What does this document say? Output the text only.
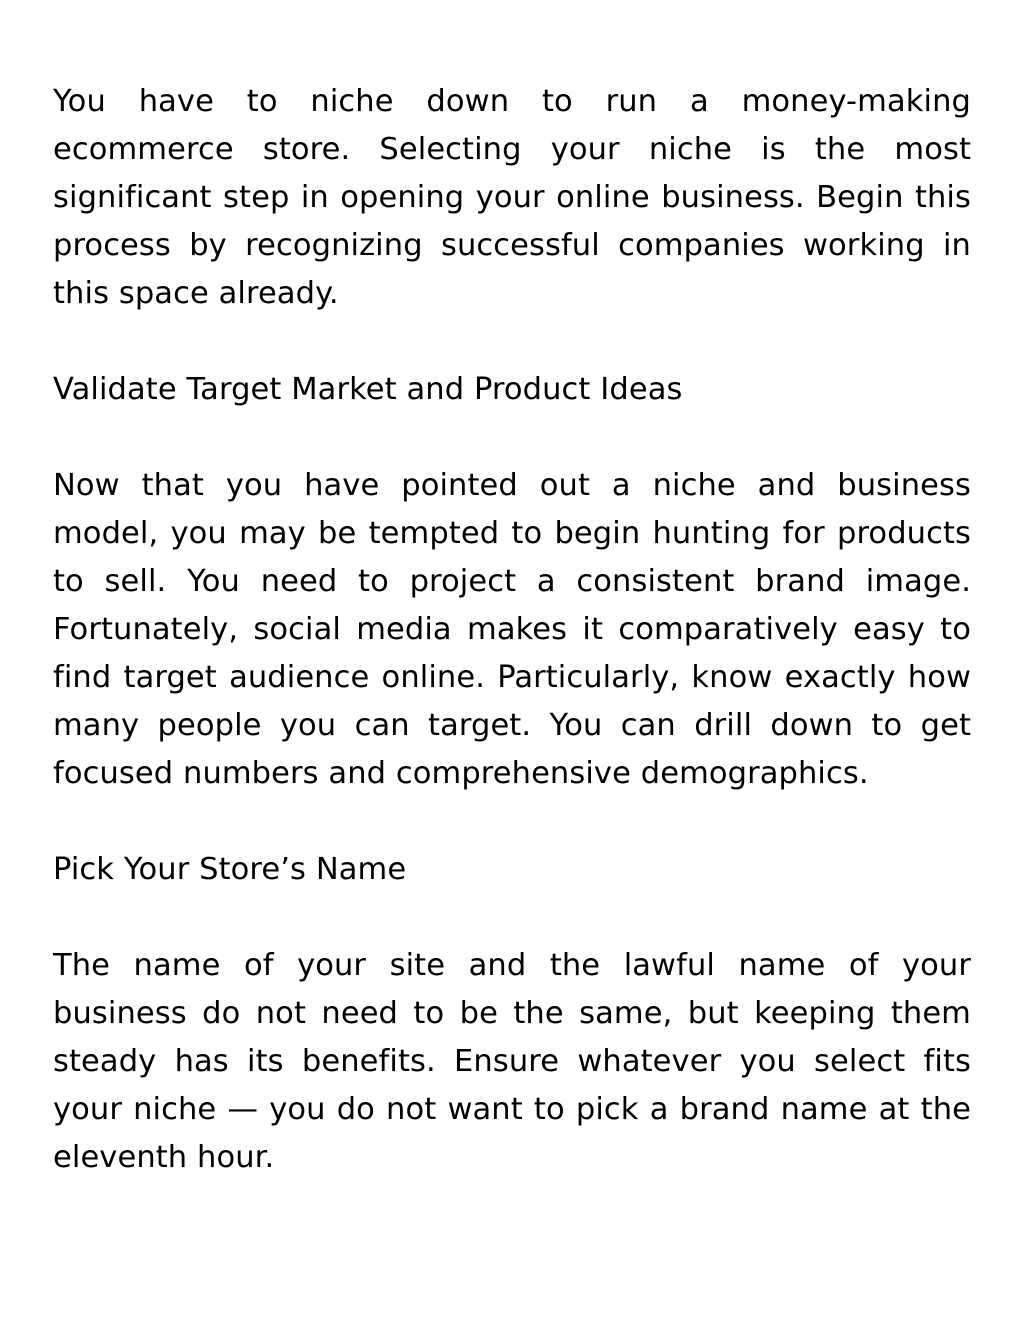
You have to niche down to run a money-making ecommerce store. Selecting your niche is the most significant step in opening your online business. Begin this process by recognizing successful companies working in this space already.

Validate Target Market and Product Ideas

Now that you have pointed out a niche and business model, you may be tempted to begin hunting for products to sell. You need to project a consistent brand image. Fortunately, social media makes it comparatively easy to find target audience online. Particularly, know exactly how many people you can target. You can drill down to get focused numbers and comprehensive demographics.

Pick Your Store’s Name

The name of your site and the lawful name of your business do not need to be the same, but keeping them steady has its benefits. Ensure whatever you select fits your niche — you do not want to pick a brand name at the eleventh hour.
